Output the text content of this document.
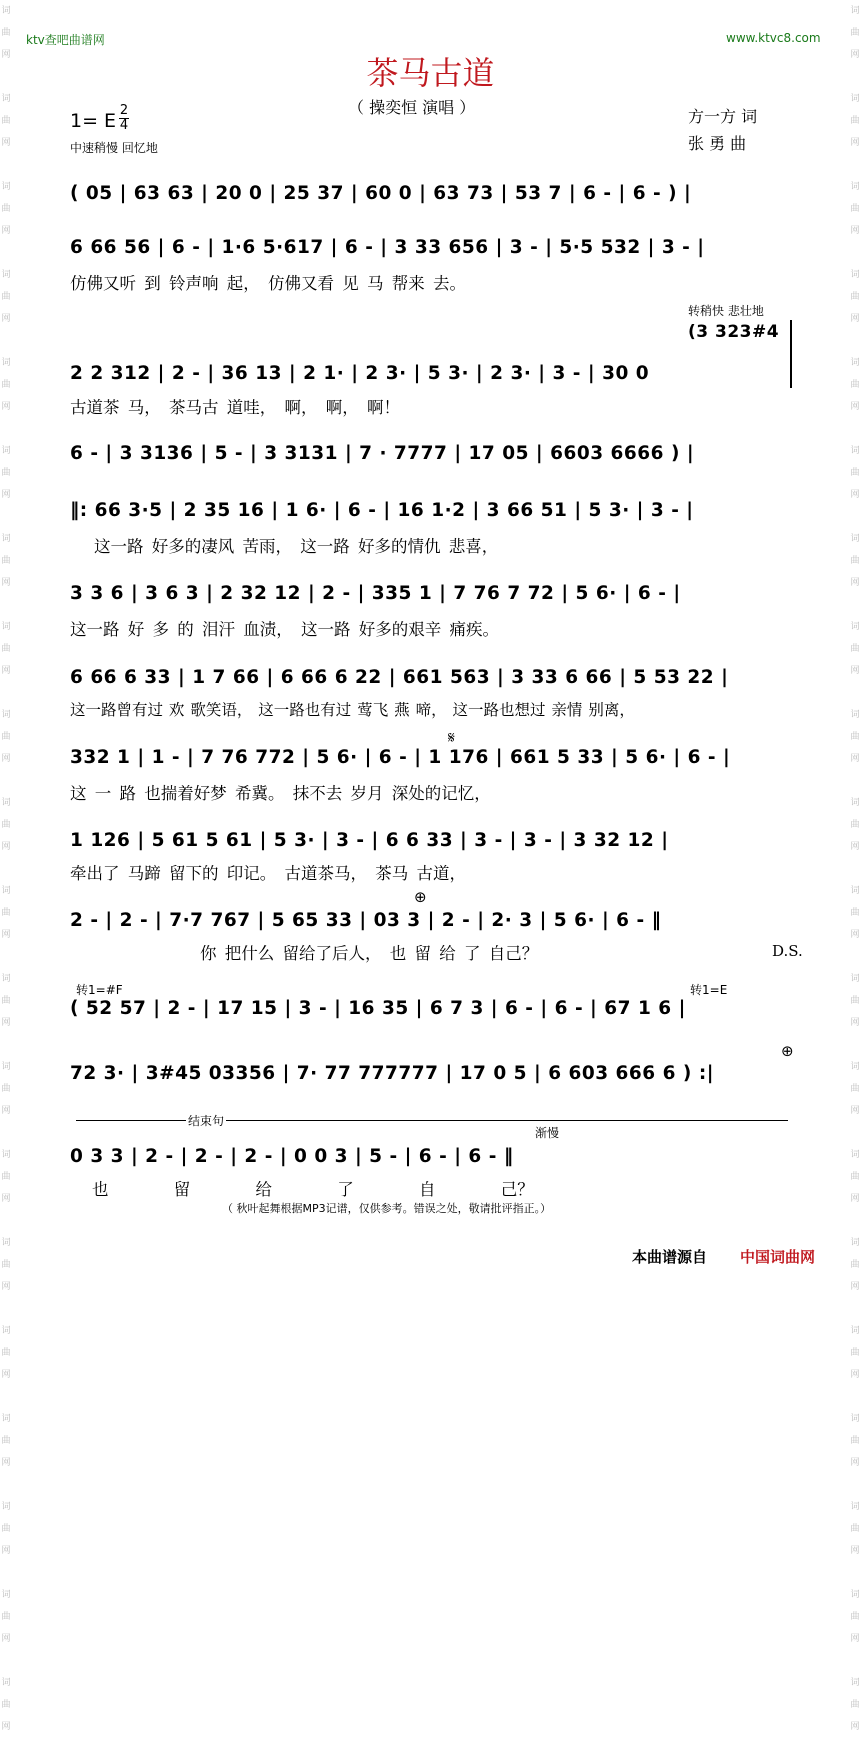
词
曲
网

词
曲
网

词
曲
网

词
曲
网

词
曲
网

词
曲
网

词
曲
网

词
曲
网

词
曲
网

词
曲
网

词
曲
网

词
曲
网

词
曲
网

词
曲
网

词
曲
网

词
曲
网

词
曲
网

词
曲
网

词
曲
网

词
曲
网

词
曲
网

词
曲
网

词
曲
网

词
曲
网

词
曲
网

词
曲
网

词
曲
网

词
曲
网

词
曲
网

词
曲
网

词
曲
网

词
曲
网

词
曲
网

词
曲
网

词
曲
网

词
曲
网

词
曲
网

词
曲
网

词
曲
网

词
曲
网

ktv查吧曲谱网	www.ktvc8.com
茶马古道
（ 操奕恒 演唱 ）
1= E 2
4
中速稍慢 回忆地
方一方 词
张 勇 曲
( 05 | 63 63 | 20 0 | 25 37 | 60 0 | 63 73 | 53 7 | 6 - | 6 - ) |
6 66 56 | 6 - | 1·6 5·617 | 6 - | 3 33 656 | 3 - | 5·5 532 | 3 - |
仿佛又听 到 铃声响 起， 仿佛又看 见 马 帮来 去。
转稍快 悲壮地
(3 323#4
2 2 312 | 2 - | 36 13 | 2 1· | 2 3· | 5 3· | 2 3· | 3 - | 30 0
古道茶 马， 茶马古 道哇， 啊， 啊， 啊！
6 - | 3 3136 | 5 - | 3 3131 | 7 · 7777 | 17 05 | 6603 6666 ) |
‖: 66 3·5 | 2 35 16 | 1 6· | 6 - | 16 1·2 | 3 66 51 | 5 3· | 3 - |
这一路 好多的凄风 苦雨， 这一路 好多的情仇 悲喜，
3 3 6 | 3 6 3 | 2 32 12 | 2 - | 335 1 | 7 76 7 72 | 5 6· | 6 - |
这一路 好 多 的 泪汗 血渍， 这一路 好多的艰辛 痛疾。
6 66 6 33 | 1 7 66 | 6 66 6 22 | 661 563 | 3 33 6 66 | 5 53 22 |
这一路曾有过 欢 歌笑语， 这一路也有过 莺飞 燕 啼， 这一路也想过 亲情 别离，
𝄋
332 1 | 1 - | 7 76 772 | 5 6· | 6 - | 1 176 | 661 5 33 | 5 6· | 6 - |
这 一 路 也揣着好梦 希冀。 抹不去 岁月 深处的记忆，
1 126 | 5 61 5 61 | 5 3· | 3 - | 6 6 33 | 3 - | 3 - | 3 32 12 |
牵出了 马蹄 留下的 印记。 古道茶马， 茶马 古道，
⊕
2 - | 2 - | 7·7 767 | 5 65 33 | 03 3 | 2 - | 2· 3 | 5 6· | 6 - ‖
你 把什么 留给了后人， 也 留 给 了 自己？	D.S.
转1=#F	转1=E
( 52 57 | 2 - | 17 15 | 3 - | 16 35 | 6 7 3 | 6 - | 6 - | 67 1 6 |
⊕
72 3· | 3#45 03356 | 7· 77 777777 | 17 0 5 | 6 603 666 6 ) :|
结束句
渐慢
0 3 3 | 2 - | 2 - | 2 - | 0 0 3 | 5 - | 6 - | 6 - ‖
也 留 给 了 自 己？
（ 秋叶起舞根据MP3记谱，仅供参考。错误之处，敬请批评指正。）
本曲谱源自 中国词曲网
